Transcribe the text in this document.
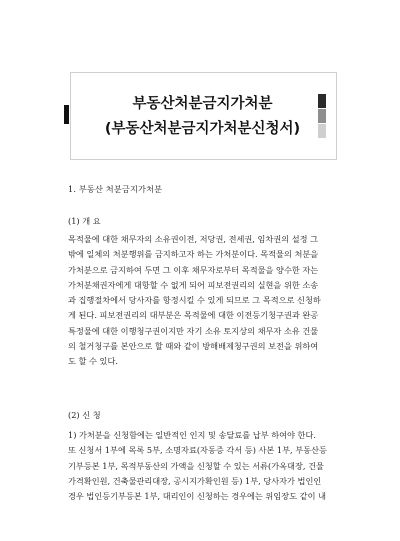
부동산처분금지가처분
(부동산처분금지가처분신청서)
1. 부동산 처분금지가처분
(1) 개 요
목적물에 대한 채무자의 소유권이전, 저당권, 전세권, 임차권의 설정 그
밖에 일체의 처분행위를 금지하고자 하는 가처분이다. 목적물의 처분을
가처분으로 금지하여 두면 그 이후 채무자로부터 목적물을 양수한 자는
가처분채권자에게 대항할 수 없게 되어 피보전권리의 실현을 위한 소송
과 집행절차에서 당사자를 항정시킬 수 있게 되므로 그 목적으로 신청하
게 된다. 피보전권리의 대부분은 목적물에 대한 이전등기청구권과 완공
특정물에 대한 이행청구권이지만 자기 소유 토지상의 채무자 소유 건물
의 철거청구를 본안으로 할 때와 같이 방해배제청구권의 보전을 위하여
도 할 수 있다.
(2) 신 청
1) 가처분을 신청함에는 일반적인 인지 및 송달료를 납부 하여야 한다.
또 신청서 1부에 목록 5부, 소명자료(자동증 각서 등) 사본 1부, 부동산등
기부등본 1부, 목적부동산의 가액을 신청할 수 있는 서류(가옥대장, 건물
가격확인원, 건축물관리대장, 공시지가확인원 등) 1부, 당사자가 법인인
경우 법인등기부등본 1부, 대리인이 신청하는 경우에는 위임장도 같이 내
